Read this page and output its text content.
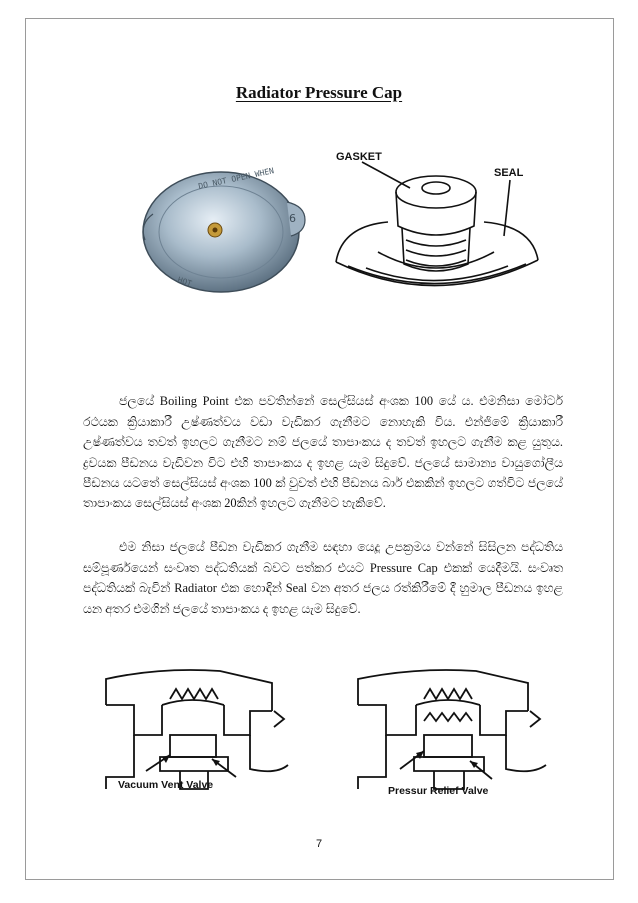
Radiator Pressure Cap
DO NOT OPEN WHEN
HOT
6
GASKET
SEAL

ජලයේ Boiling Point එක පවතින්නේ සෙල්සියස් අංශක 100 යේ ය. එමනිසා මෝටර් රථයක ක්‍රියාකාරී උෂ්ණත්වය වඩා වැඩිකර ගැනීමට නොහැකි විය. එන්ජිමේ ක්‍රියාකාරී උෂ්ණත්වය තවත් ඉහලට ගැනීමට නම් ජලයේ තාපාංකය ද තවත් ඉහලට ගැනීම කළ යුතුය. ද්‍රවයක පීඩනය වැඩිවන විට එහි තාපාංකය ද ඉහළ යැම සිදුවේ. ජලයේ සාමාන්‍ය වායුගෝලීය පීඩනය යටතේ සෙල්සියස් අංශක 100 ක් වුවත් එහි පීඩනය බාර් එකකින් ඉහලට ගත්විට ජලයේ තාපාංකය සෙල්සියස් අංශක 20කින් ඉහලට ගැනීමට හැකිවේ.

එම නිසා ජලයේ පීඩන වැඩිකර ගැනීම සඳහා යෙදූ උපක්‍රමය වන්නේ සිසිලන පද්ධතිය සම්පූර්ණයෙන් සංවෘත පද්ධතියක් බවට පත්කර එයට Pressure Cap එකක් යෙදීමයි. සංවෘත පද්ධතියක් බැවින් Radiator එක හොඳින් Seal වන අතර ජලය රත්කිරීමේ දී හුමාල පීඩනය ඉහළ යන අතර එමගින් ජලයේ තාපාංකය ද ඉහළ යැම සිදුවේ.

Vacuum Vent Valve	Pressur Relief Valve
7
